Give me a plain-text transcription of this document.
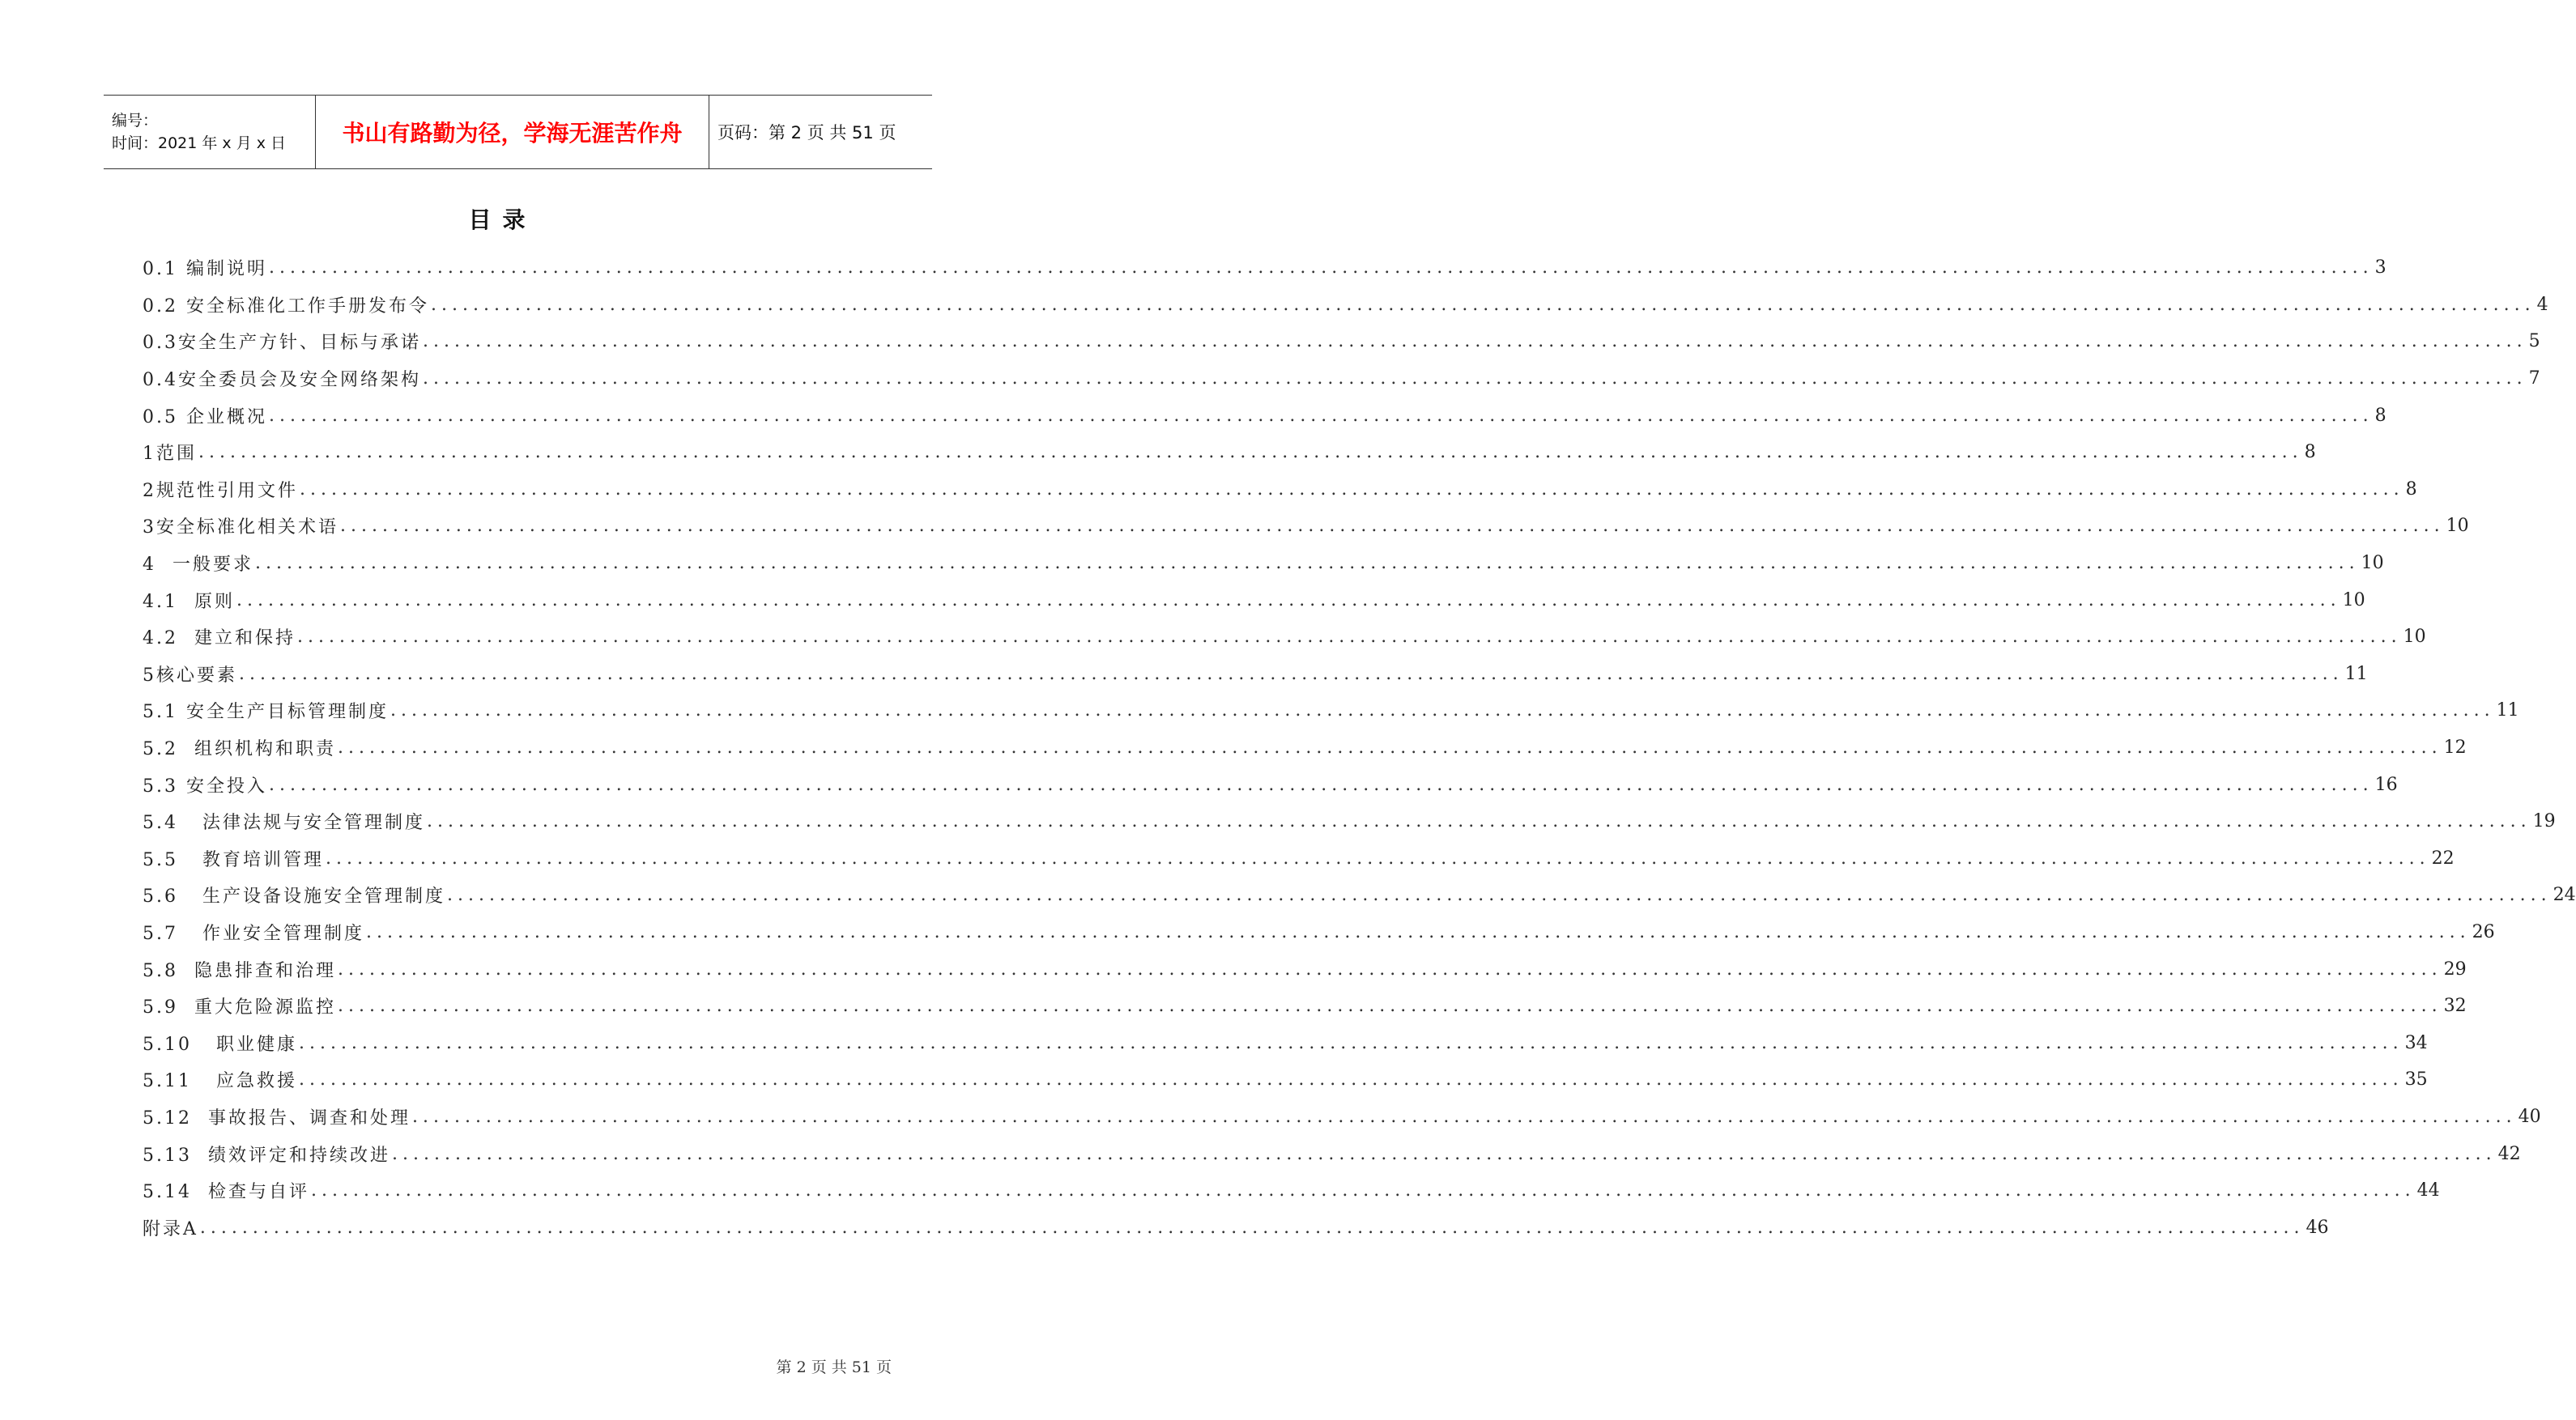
编号：
时间：2021 年 x 月 x 日	书山有路勤为径，学海无涯苦作舟	页码：第 2 页 共 51 页
目录
0.1 编制说明 ........................................................................................................................................................................................................ 3
0.2 安全标准化工作手册发布令 ........................................................................................................................................................................................................ 4
0.3安全生产方针、目标与承诺 ........................................................................................................................................................................................................ 5
0.4安全委员会及安全网络架构 ........................................................................................................................................................................................................ 7
0.5 企业概况 ........................................................................................................................................................................................................ 8
1范围 ........................................................................................................................................................................................................ 8
2规范性引用文件 ........................................................................................................................................................................................................ 8
3安全标准化相关术语 ........................................................................................................................................................................................................ 10
4  一般要求 ........................................................................................................................................................................................................ 10
4.1  原则 ........................................................................................................................................................................................................ 10
4.2  建立和保持 ........................................................................................................................................................................................................ 10
5核心要素 ........................................................................................................................................................................................................ 11
5.1 安全生产目标管理制度 ........................................................................................................................................................................................................ 11
5.2  组织机构和职责 ........................................................................................................................................................................................................ 12
5.3 安全投入 ........................................................................................................................................................................................................ 16
5.4   法律法规与安全管理制度 ........................................................................................................................................................................................................ 19
5.5   教育培训管理 ........................................................................................................................................................................................................ 22
5.6   生产设备设施安全管理制度 ........................................................................................................................................................................................................ 24
5.7   作业安全管理制度 ........................................................................................................................................................................................................ 26
5.8  隐患排查和治理 ........................................................................................................................................................................................................ 29
5.9  重大危险源监控 ........................................................................................................................................................................................................ 32
5.10   职业健康 ........................................................................................................................................................................................................ 34
5.11   应急救援 ........................................................................................................................................................................................................ 35
5.12  事故报告、调查和处理 ........................................................................................................................................................................................................ 40
5.13  绩效评定和持续改进 ........................................................................................................................................................................................................ 42
5.14  检查与自评 ........................................................................................................................................................................................................ 44
附录A ........................................................................................................................................................................................................ 46
第 2 页 共 51 页
